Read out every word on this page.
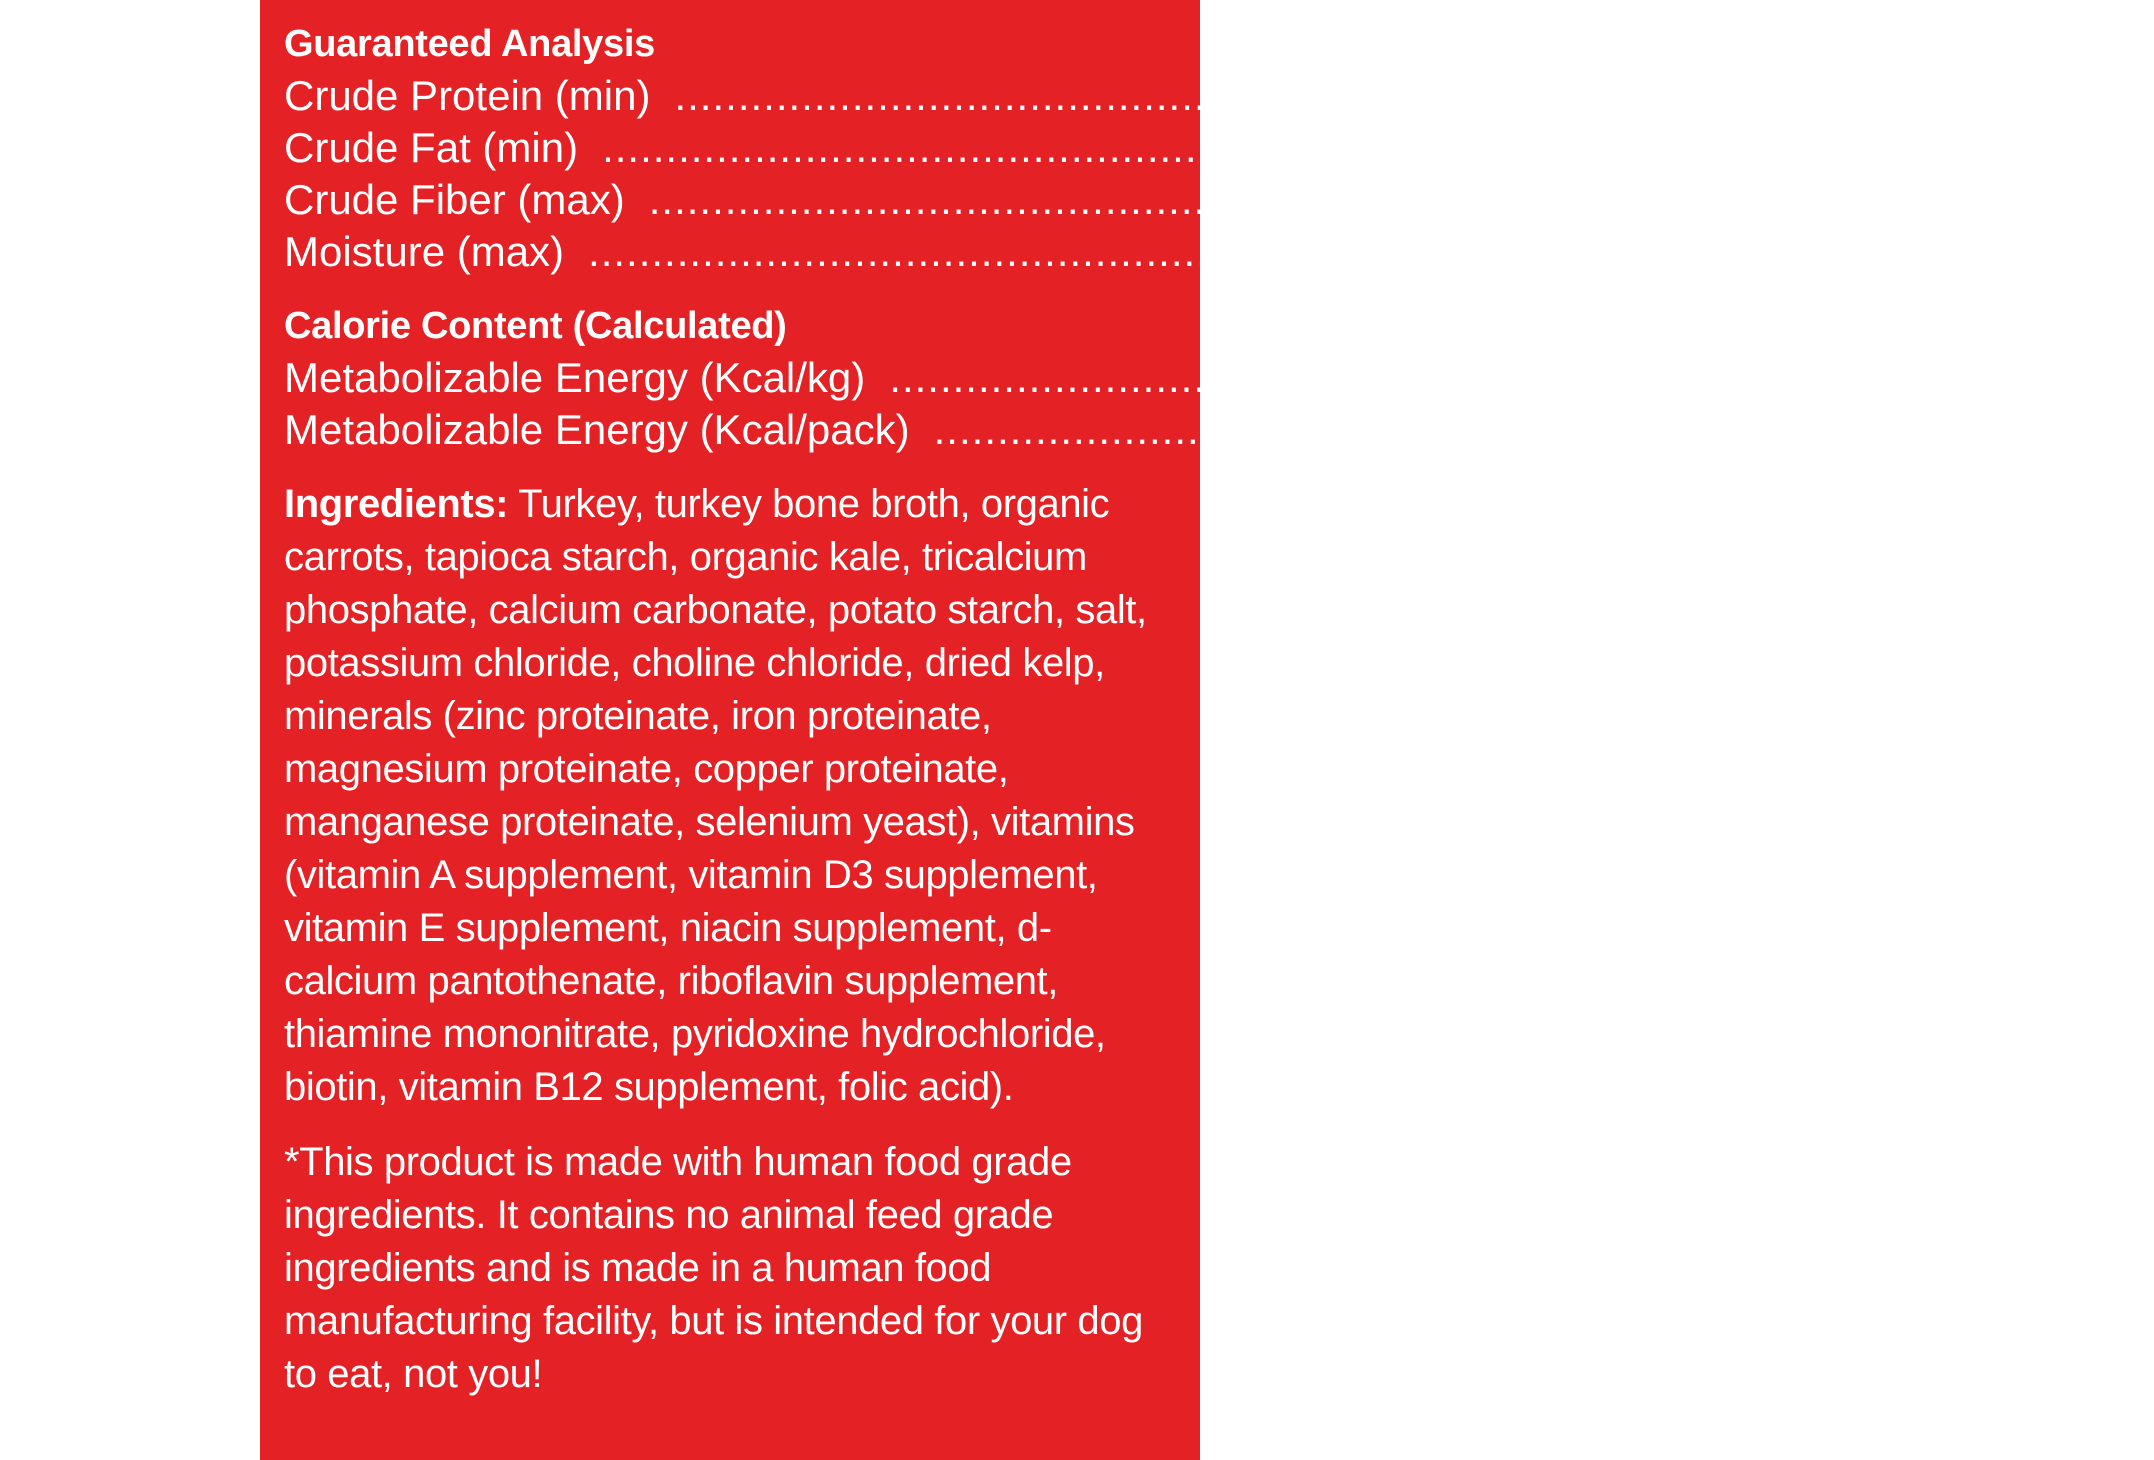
Guaranteed Analysis
Crude Protein (min) .......................................................................................... 9.00%
Crude Fat (min) .......................................................................................... 2.00%
Crude Fiber (max) .......................................................................................... 1.50%
Moisture (max) .......................................................................................... 82.0%
Calorie Content (Calculated)
Metabolizable Energy (Kcal/kg) .......................................................................................... 783
Metabolizable Energy (Kcal/pack) .......................................................................................... 243
Ingredients: Turkey, turkey bone broth, organic carrots, tapioca starch, organic kale, tricalcium phosphate, calcium carbonate, potato starch, salt, potassium chloride, choline chloride, dried kelp, minerals (zinc proteinate, iron proteinate, magnesium proteinate, copper proteinate, manganese proteinate, selenium yeast), vitamins (vitamin A supplement, vitamin D3 supplement, vitamin E supplement, niacin supplement, d-calcium pantothenate, riboflavin supplement, thiamine mononitrate, pyridoxine hydrochloride, biotin, vitamin B12 supplement, folic acid).
*This product is made with human food grade ingredients. It contains no animal feed grade ingredients and is made in a human food manufacturing facility, but is intended for your dog to eat, not you!
